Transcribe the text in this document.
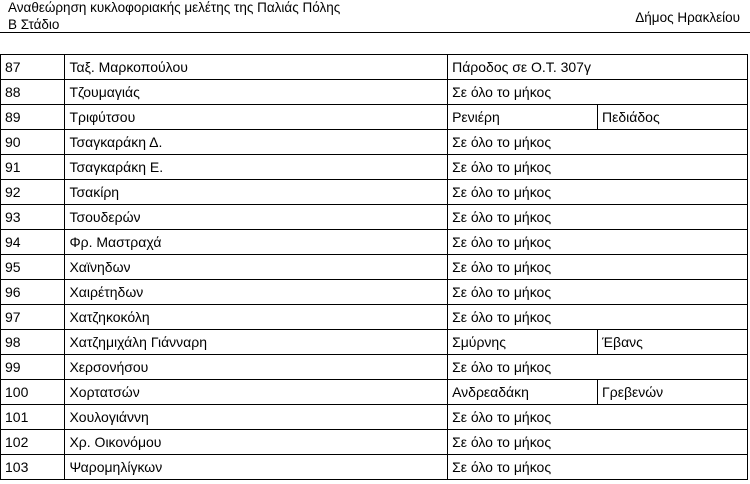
Αναθεώρηση κυκλοφοριακής μελέτης της Παλιάς Πόλης
Β Στάδιο	Δήμος Ηρακλείου
87	Ταξ. Μαρκοπούλου	Πάροδος σε Ο.Τ. 307γ	
88	Τζουμαγιάς	Σε όλο το μήκος	
89	Τριφύτσου	Ρενιέρη	Πεδιάδος
90	Τσαγκαράκη Δ.	Σε όλο το μήκος	
91	Τσαγκαράκη Ε.	Σε όλο το μήκος	
92	Τσακίρη	Σε όλο το μήκος	
93	Τσουδερών	Σε όλο το μήκος	
94	Φρ. Μαστραχά	Σε όλο το μήκος	
95	Χαϊνηδων	Σε όλο το μήκος	
96	Χαιρέτηδων	Σε όλο το μήκος	
97	Χατζηκοκόλη	Σε όλο το μήκος	
98	Χατζημιχάλη Γιάνναρη	Σμύρνης	Έβανς
99	Χερσονήσου	Σε όλο το μήκος	
100	Χορτατσών	Ανδρεαδάκη	Γρεβενών
101	Χουλογιάννη	Σε όλο το μήκος	
102	Χρ. Οικονόμου	Σε όλο το μήκος	
103	Ψαρομηλίγκων	Σε όλο το μήκος	
